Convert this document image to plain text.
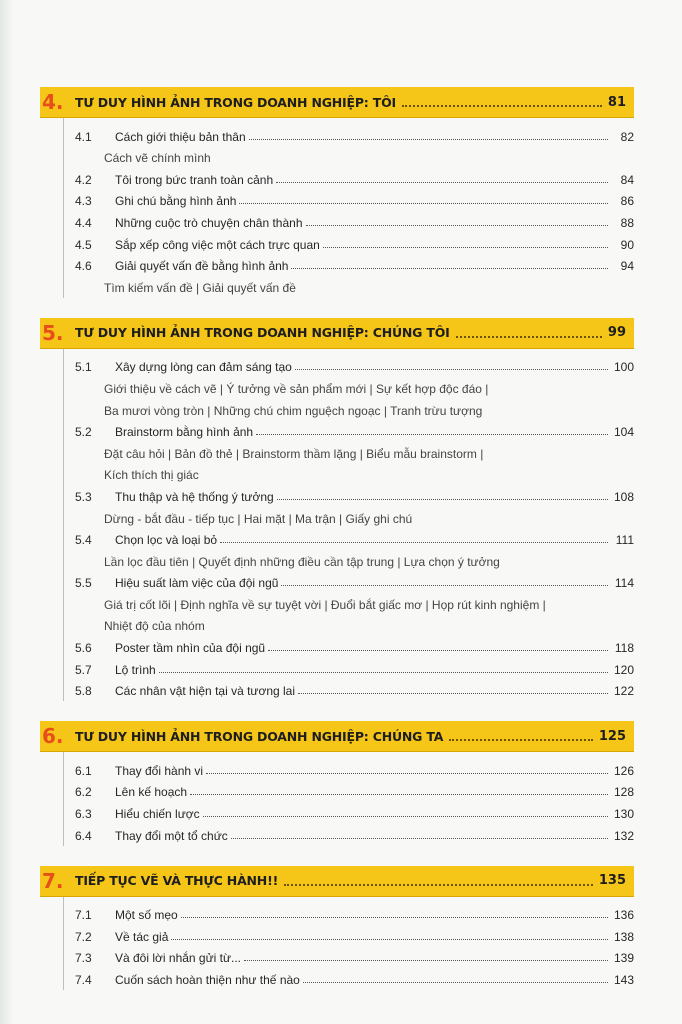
4. TƯ DUY HÌNH ẢNH TRONG DOANH NGHIỆP: TÔI	81
4.1	Cách giới thiệu bản thân	82
Cách vẽ chính mình
4.2	Tôi trong bức tranh toàn cảnh	84
4.3	Ghi chú bằng hình ảnh	86
4.4	Những cuộc trò chuyện chân thành	88
4.5	Sắp xếp công việc một cách trực quan	90
4.6	Giải quyết vấn đề bằng hình ảnh	94
Tìm kiếm vấn đề | Giải quyết vấn đề
5. TƯ DUY HÌNH ẢNH TRONG DOANH NGHIỆP: CHÚNG TÔI	99
5.1	Xây dựng lòng can đảm sáng tạo	100
Giới thiệu về cách vẽ | Ý tưởng về sản phẩm mới | Sự kết hợp độc đáo |
Ba mươi vòng tròn | Những chú chim nguệch ngoạc | Tranh trừu tượng
5.2	Brainstorm bằng hình ảnh	104
Đặt câu hỏi | Bản đồ thẻ | Brainstorm thầm lặng | Biểu mẫu brainstorm |
Kích thích thị giác
5.3	Thu thập và hệ thống ý tưởng	108
Dừng - bắt đầu - tiếp tục | Hai mặt | Ma trận | Giấy ghi chú
5.4	Chọn lọc và loại bỏ	111
Lần lọc đầu tiên | Quyết định những điều cần tập trung | Lựa chọn ý tưởng
5.5	Hiệu suất làm việc của đội ngũ	114
Giá trị cốt lõi | Định nghĩa về sự tuyệt vời | Đuổi bắt giấc mơ | Họp rút kinh nghiệm |
Nhiệt độ của nhóm
5.6	Poster tầm nhìn của đội ngũ	118
5.7	Lộ trình	120
5.8	Các nhân vật hiện tại và tương lai	122
6. TƯ DUY HÌNH ẢNH TRONG DOANH NGHIỆP: CHÚNG TA	125
6.1	Thay đổi hành vi	126
6.2	Lên kế hoạch	128
6.3	Hiểu chiến lược	130
6.4	Thay đổi một tổ chức	132
7. TIẾP TỤC VẼ VÀ THỰC HÀNH!!	135
7.1	Một số mẹo	136
7.2	Về tác giả	138
7.3	Và đôi lời nhắn gửi từ...	139
7.4	Cuốn sách hoàn thiện như thế nào	143
